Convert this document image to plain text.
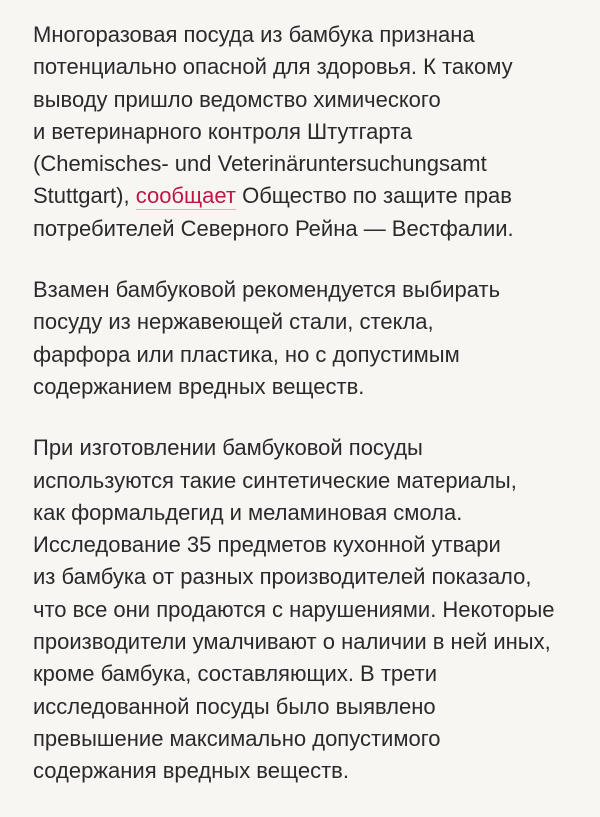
Многоразовая посуда из бамбука признана
потенциально опасной для здоровья. К такому
выводу пришло ведомство химического
и ветеринарного контроля Штутгарта
(Chemisches- und Veterinäruntersuchungsamt
Stuttgart), сообщает Общество по защите прав
потребителей Северного Рейна — Вестфалии.

Взамен бамбуковой рекомендуется выбирать
посуду из нержавеющей стали, стекла,
фарфора или пластика, но с допустимым
содержанием вредных веществ.

При изготовлении бамбуковой посуды
используются такие синтетические материалы,
как формальдегид и меламиновая смола.
Исследование 35 предметов кухонной утвари
из бамбука от разных производителей показало,
что все они продаются с нарушениями. Некоторые
производители умалчивают о наличии в ней иных,
кроме бамбука, составляющих. В трети
исследованной посуды было выявлено
превышение максимально допустимого
содержания вредных веществ.
